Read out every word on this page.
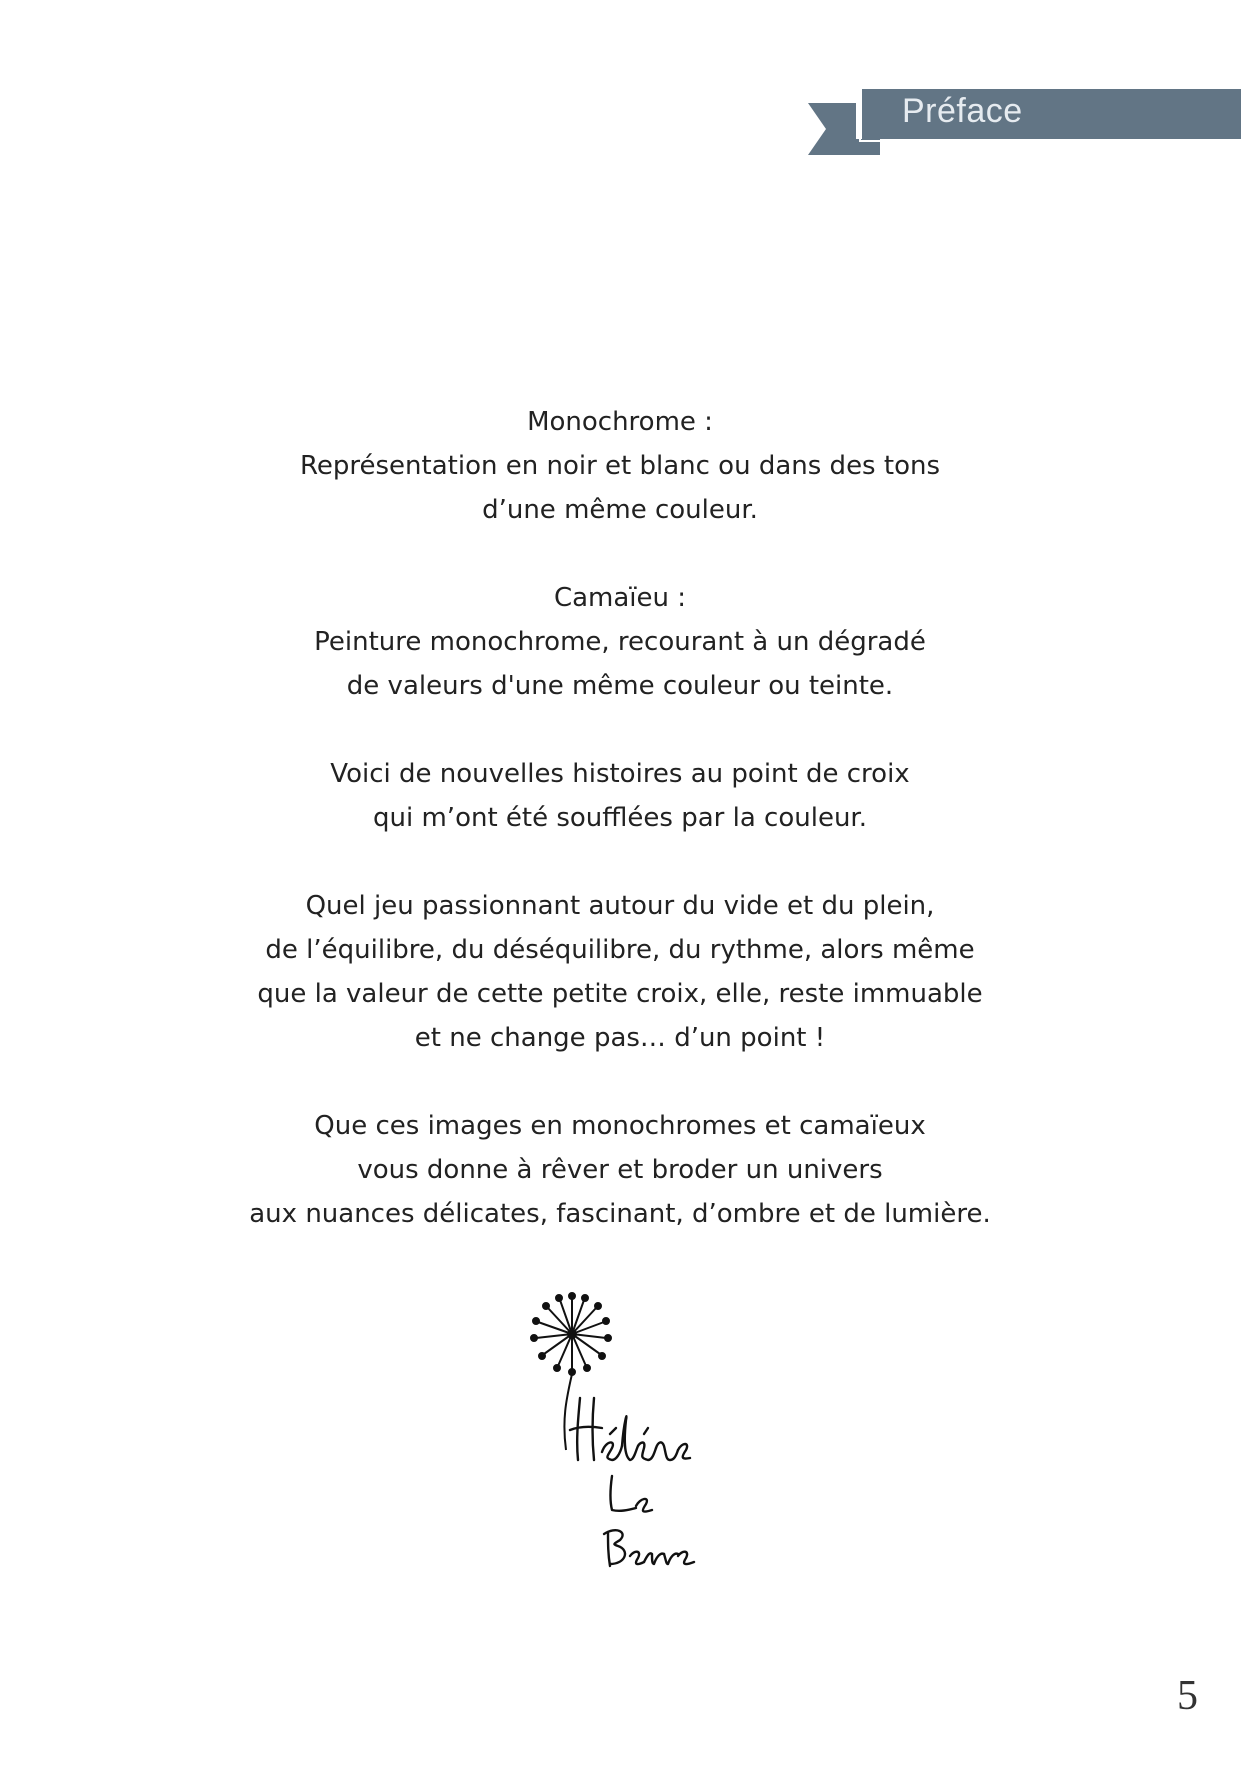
Préface
Monochrome :
Représentation en noir et blanc ou dans des tons
d’une même couleur.
Camaïeu :
Peinture monochrome, recourant à un dégradé
de valeurs d'une même couleur ou teinte.
Voici de nouvelles histoires au point de croix
qui m’ont été soufflées par la couleur.
Quel jeu passionnant autour du vide et du plein,
de l’équilibre, du déséquilibre, du rythme, alors même
que la valeur de cette petite croix, elle, reste immuable
et ne change pas… d’un point !
Que ces images en monochromes et camaïeux
vous donne à rêver et broder un univers
aux nuances délicates, fascinant, d’ombre et de lumière.
5
